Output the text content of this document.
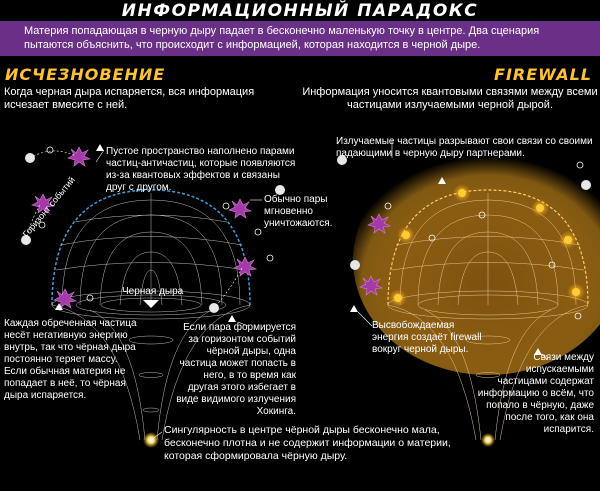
ИНФОРМАЦИОННЫЙ ПАРАДОКС

Материя попадающая в черную дыру падает в бесконечно маленькую точку в центре. Два сценария пытаются объяснить, что происходит с информацией, которая находится в черной дыре.

ИСЧЕЗНОВЕНИЕ	FIREWALL
Когда черная дыра испаряется, вся информация исчезает вмесите с ней.
Информация уносится квантовыми связями между всеми частицами излучаемыми черной дырой.
Пустое пространство наполнено парами частиц-античастиц, которые появляются из-за квантовых эффектов и связаны друг с другом.
Обычно пары мгновенно уничтожаются.
Горизонт событий
Черная дыра
Каждая обреченная частица несёт негативную энергию внутрь, так что чёрная дыра постоянно теряет массу. Если обычная материя не попадает в неё, то чёрная дыра испаряется.
Если пара формируется за горизонтом событий чёрной дыры, одна частица может попасть в него, в то время как другая этого избегает в виде видимого излучения Хокинга.
Излучаемые частицы разрывают свои связи со своими падающими в черную дыру партнерами.
Высвобождаемая энергия создаёт firewall вокруг черной дыры.
Связи между испускаемыми частицами содержат информацию о всём, что попало в чёрную, даже после того, как она испарится.
Сингулярность в центре чёрной дыры бесконечно мала, бесконечно плотна и не содержит информации о материи, которая сформировала чёрную дыру.
